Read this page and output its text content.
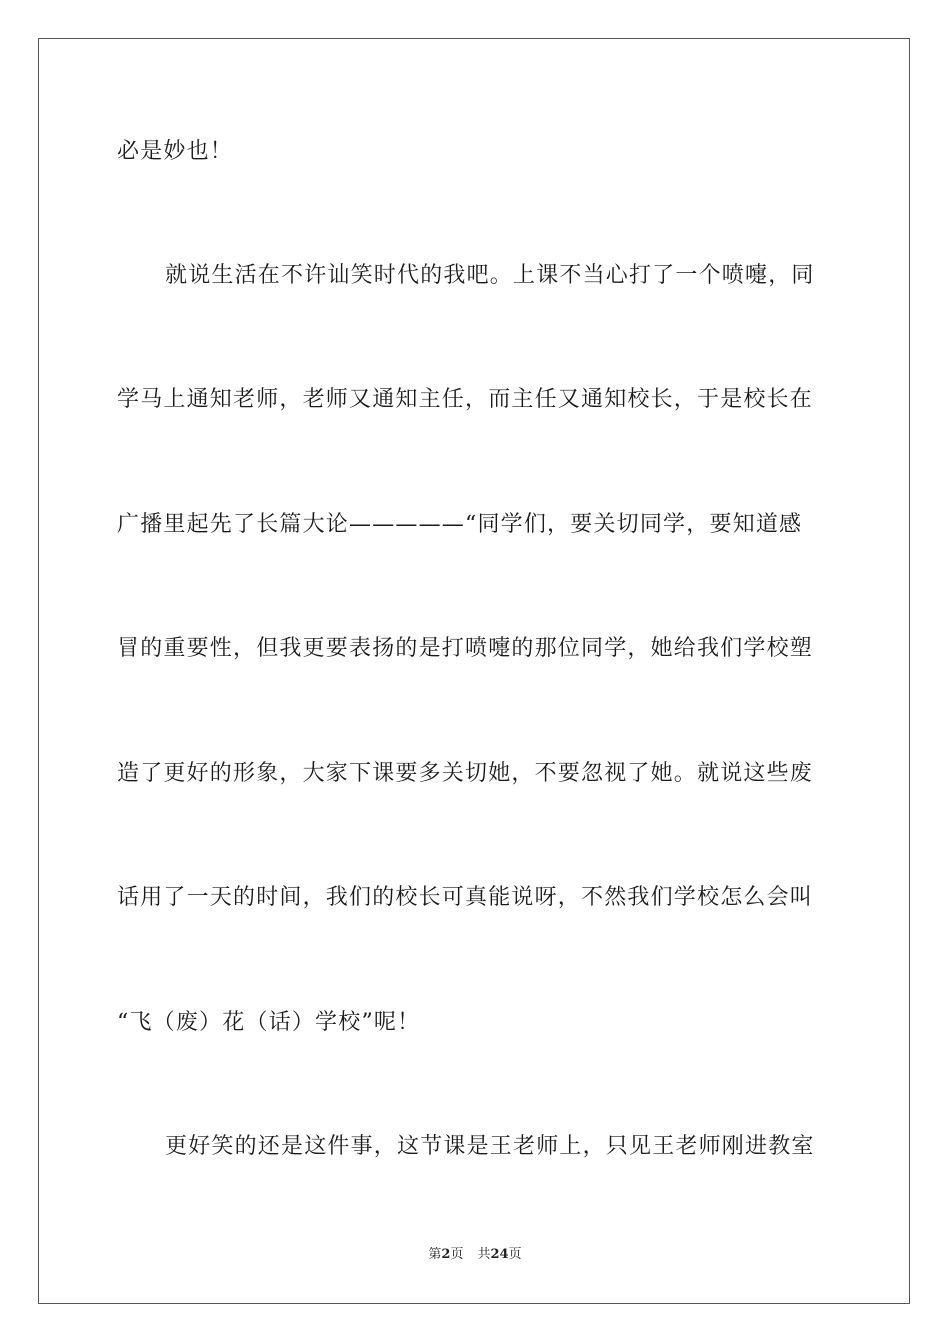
必是妙也！
就说生活在不许讪笑时代的我吧。上课不当心打了一个喷嚏，同
学马上通知老师，老师又通知主任，而主任又通知校长，于是校长在
广播里起先了长篇大论—————“同学们，要关切同学，要知道感
冒的重要性，但我更要表扬的是打喷嚏的那位同学，她给我们学校塑
造了更好的形象，大家下课要多关切她，不要忽视了她。就说这些废
话用了一天的时间，我们的校长可真能说呀，不然我们学校怎么会叫
“飞（废）花（话）学校”呢！
更好笑的还是这件事，这节课是王老师上，只见王老师刚进教室
第2页 共24页
